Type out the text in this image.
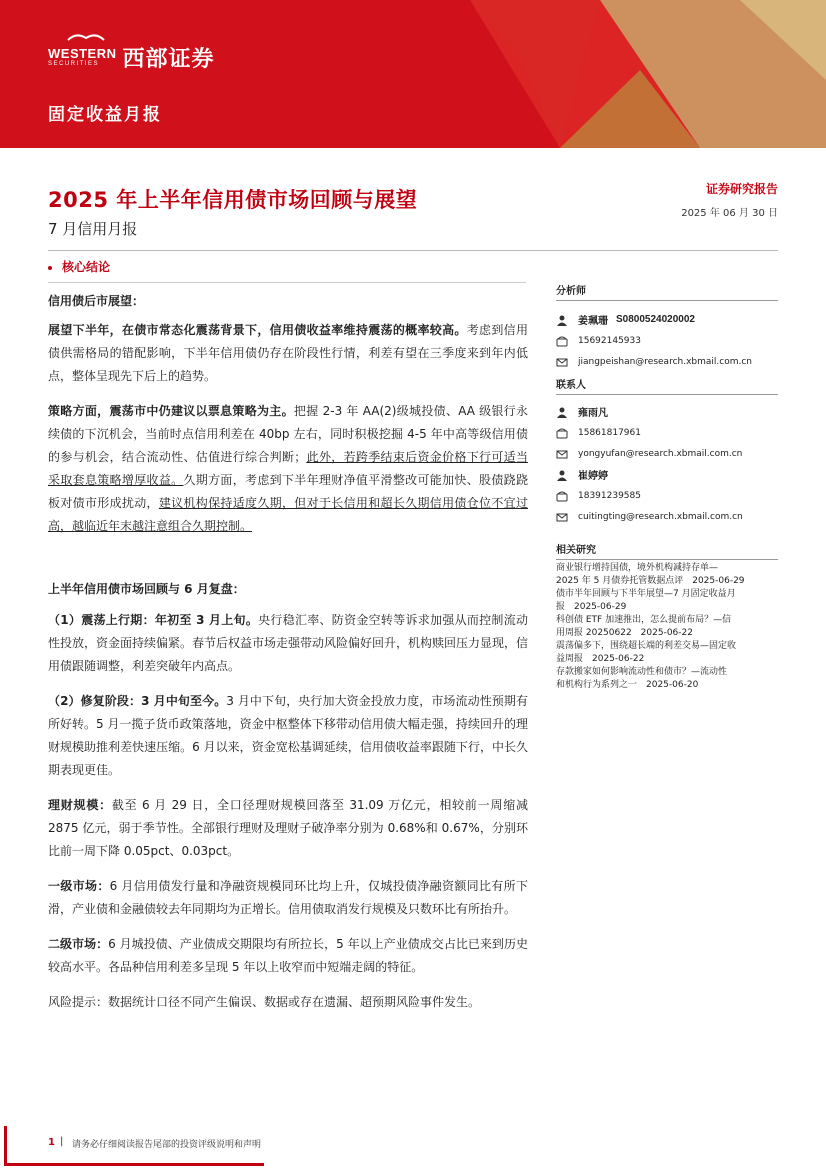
WESTERN
SECURITIES	西部证券
固定收益月报
2025 年上半年信用债市场回顾与展望
7 月信用月报
证券研究报告
2025 年 06 月 30 日
核心结论

信用债后市展望：

展望下半年，在债市常态化震荡背景下，信用债收益率维持震荡的概率较高。考虑到信用债供需格局的错配影响，下半年信用债仍存在阶段性行情，利差有望在三季度来到年内低点，整体呈现先下后上的趋势。

策略方面，震荡市中仍建议以票息策略为主。把握 2-3 年 AA(2)级城投债、AA 级银行永续债的下沉机会，当前时点信用利差在 40bp 左右，同时积极挖掘 4-5 年中高等级信用债的参与机会，结合流动性、估值进行综合判断；此外，若跨季结束后资金价格下行可适当采取套息策略增厚收益。久期方面，考虑到下半年理财净值平滑整改可能加快、股债跷跷板对债市形成扰动，建议机构保持适度久期，但对于长信用和超长久期信用债仓位不宜过高，越临近年末越注意组合久期控制。

上半年信用债市场回顾与 6 月复盘：

（1）震荡上行期：年初至 3 月上旬。央行稳汇率、防资金空转等诉求加强从而控制流动性投放，资金面持续偏紧。春节后权益市场走强带动风险偏好回升，机构赎回压力显现，信用债跟随调整，利差突破年内高点。

（2）修复阶段：3 月中旬至今。3 月中下旬，央行加大资金投放力度，市场流动性预期有所好转。5 月一揽子货币政策落地，资金中枢整体下移带动信用债大幅走强，持续回升的理财规模助推利差快速压缩。6 月以来，资金宽松基调延续，信用债收益率跟随下行，中长久期表现更佳。

理财规模：截至 6 月 29 日，全口径理财规模回落至 31.09 万亿元，相较前一周缩减 2875 亿元，弱于季节性。全部银行理财及理财子破净率分别为 0.68%和 0.67%，分别环比前一周下降 0.05pct、0.03pct。

一级市场：6 月信用债发行量和净融资规模同环比均上升，仅城投债净融资额同比有所下滑，产业债和金融债较去年同期均为正增长。信用债取消发行规模及只数环比有所抬升。

二级市场：6 月城投债、产业债成交期限均有所拉长，5 年以上产业债成交占比已来到历史较高水平。各品种信用利差多呈现 5 年以上收窄而中短端走阔的特征。

风险提示：数据统计口径不同产生偏误、数据或存在遗漏、超预期风险事件发生。

分析师
姜珮珊 S0800524020002
15692145933
jiangpeishan@research.xbmail.com.cn
联系人
雍雨凡
15861817961
yongyufan@research.xbmail.com.cn
崔婷婷
18391239585
cuitingting@research.xbmail.com.cn
相关研究
商业银行增持国债，境外机构减持存单—
2025 年 5 月债券托管数据点评　2025-06-29
债市半年回顾与下半年展望—7 月固定收益月
报　2025-06-29
科创债 ETF 加速推出，怎么提前布局？—信
用周报 20250622　2025-06-22
震荡偏多下，围绕超长端的利差交易—固定收
益周报　2025-06-22
存款搬家如何影响流动性和债市？—流动性
和机构行为系列之一　2025-06-20
1 | 请务必仔细阅读报告尾部的投资评级说明和声明
